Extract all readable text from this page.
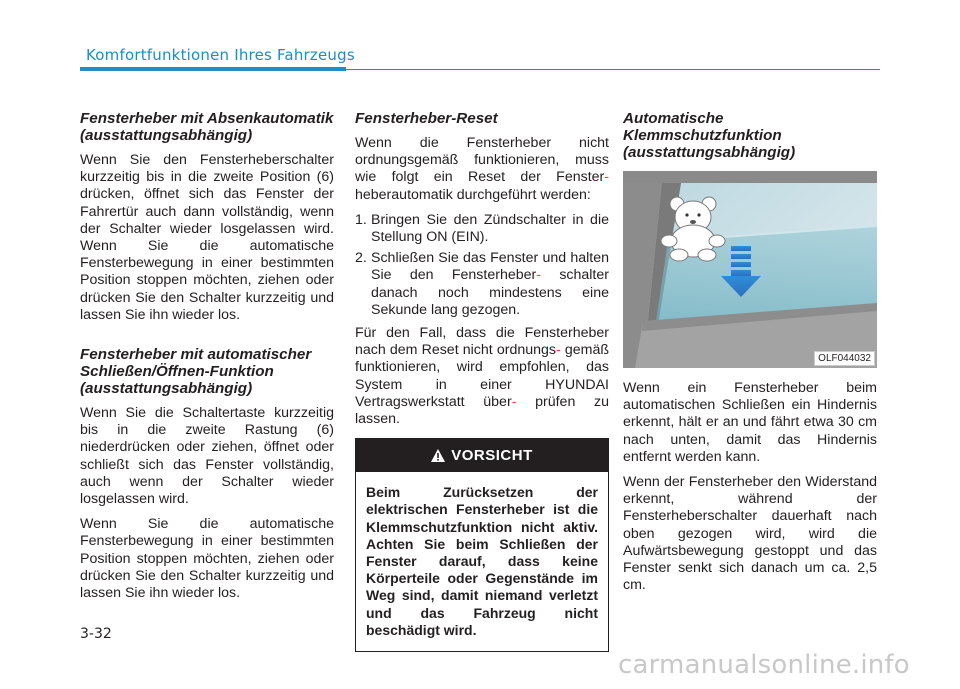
Komfortfunktionen Ihres Fahrzeugs
Fensterheber mit Absenkautomatik (ausstattungsabhängig)

Wenn Sie den Fensterheberschalter kurzzeitig bis in die zweite Position (6) drücken, öffnet sich das Fenster der Fahrertür auch dann vollständig, wenn der Schalter wieder losgelassen wird. Wenn Sie die automatische Fensterbewegung in einer bestimmten Position stoppen möchten, ziehen oder drücken Sie den Schalter kurzzeitig und lassen Sie ihn wieder los.

Fensterheber mit automatischer Schließen/Öffnen-Funktion (ausstattungsabhängig)

Wenn Sie die Schaltertaste kurzzeitig bis in die zweite Rastung (6) niederdrücken oder ziehen, öffnet oder schließt sich das Fenster vollständig, auch wenn der Schalter wieder losgelassen wird.

Wenn Sie die automatische Fensterbewegung in einer bestimmten Position stoppen möchten, ziehen oder drücken Sie den Schalter kurzzeitig und lassen Sie ihn wieder los.

Fensterheber-Reset

Wenn die Fensterheber nicht ordnungsgemäß funktionieren, muss wie folgt ein Reset der Fenster- heberautomatik durchgeführt werden:

1. Bringen Sie den Zündschalter in die Stellung ON (EIN).
2. Schließen Sie das Fenster und halten Sie den Fensterheber- schalter danach noch mindestens eine Sekunde lang gezogen.

Für den Fall, dass die Fensterheber nach dem Reset nicht ordnungs- gemäß funktionieren, wird empfohlen, das System in einer HYUNDAI Vertragswerkstatt über- prüfen zu lassen.

VORSICHT
Beim Zurücksetzen der elektrischen Fensterheber ist die Klemmschutzfunktion nicht aktiv. Achten Sie beim Schließen der Fenster darauf, dass keine Körperteile oder Gegenstände im Weg sind, damit niemand verletzt und das Fahrzeug nicht beschädigt wird.
Automatische Klemmschutzfunktion (ausstattungsabhängig)
OLF044032

Wenn ein Fensterheber beim automatischen Schließen ein Hindernis erkennt, hält er an und fährt etwa 30 cm nach unten, damit das Hindernis entfernt werden kann.

Wenn der Fensterheber den Widerstand erkennt, während der Fensterheberschalter dauerhaft nach oben gezogen wird, wird die Aufwärtsbewegung gestoppt und das Fenster senkt sich danach um ca. 2,5 cm.

3-32
carmanualsonline.info
